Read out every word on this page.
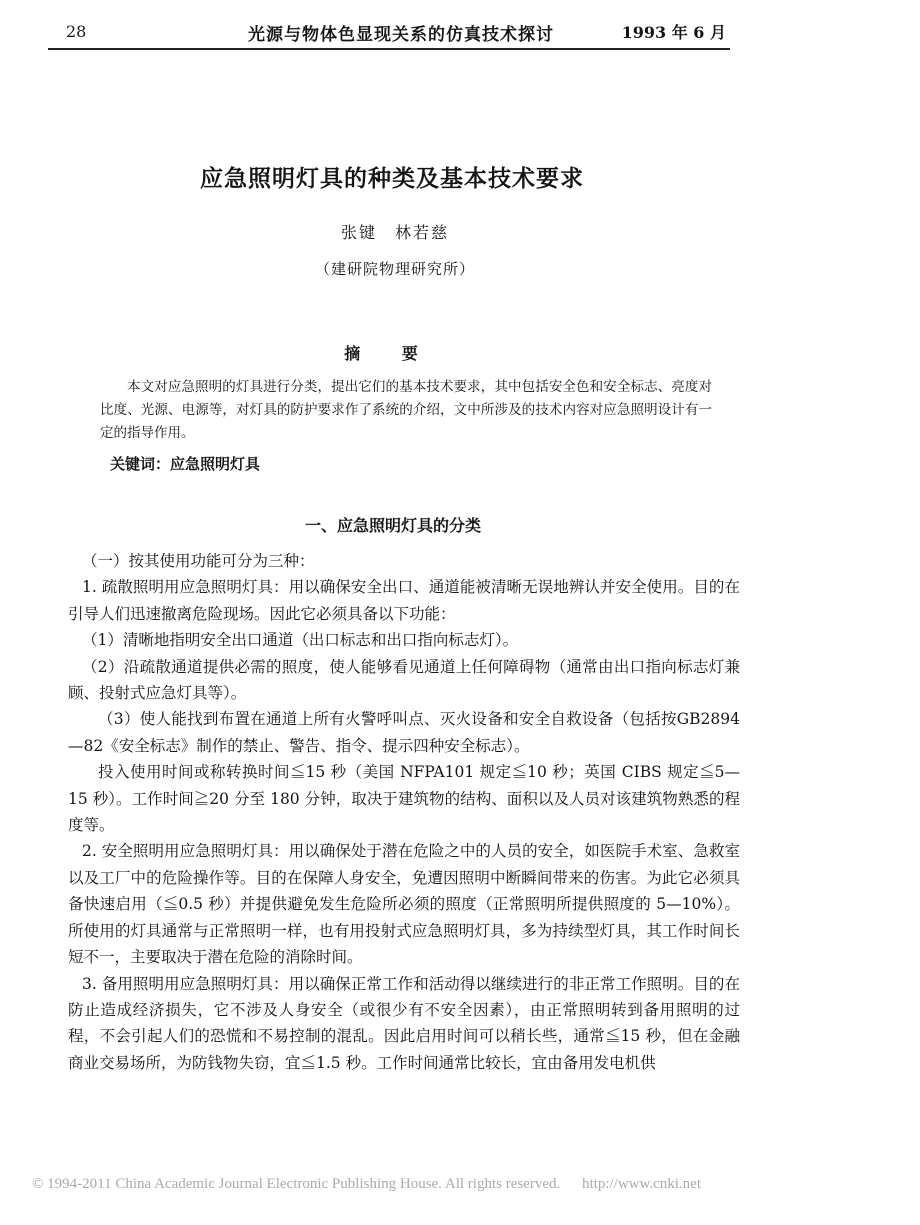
28	光源与物体色显现关系的仿真技术探讨	1993 年 6 月
应急照明灯具的种类及基本技术要求
张键　林若慈
（建研院物理研究所）
摘 要
本文对应急照明的灯具进行分类，提出它们的基本技术要求，其中包括安全色和安全标志、亮度对比度、光源、电源等，对灯具的防护要求作了系统的介绍，文中所涉及的技术内容对应急照明设计有一定的指导作用。
关键词：应急照明灯具
一、应急照明灯具的分类

（一）按其使用功能可分为三种：

1. 疏散照明用应急照明灯具：用以确保安全出口、通道能被清晰无误地辨认并安全使用。目的在引导人们迅速撤离危险现场。因此它必须具备以下功能：

（1）清晰地指明安全出口通道（出口标志和出口指向标志灯）。

（2）沿疏散通道提供必需的照度，使人能够看见通道上任何障碍物（通常由出口指向标志灯兼顾、投射式应急灯具等）。

（3）使人能找到布置在通道上所有火警呼叫点、灭火设备和安全自救设备（包括按GB2894—82《安全标志》制作的禁止、警告、指令、提示四种安全标志）。

投入使用时间或称转换时间≦15 秒（美国 NFPA101 规定≦10 秒；英国 CIBS 规定≦5—15 秒）。工作时间≧20 分至 180 分钟，取决于建筑物的结构、面积以及人员对该建筑物熟悉的程度等。

2. 安全照明用应急照明灯具：用以确保处于潜在危险之中的人员的安全，如医院手术室、急救室以及工厂中的危险操作等。目的在保障人身安全，免遭因照明中断瞬间带来的伤害。为此它必须具备快速启用（≦0.5 秒）并提供避免发生危险所必须的照度（正常照明所提供照度的 5—10%）。所使用的灯具通常与正常照明一样，也有用投射式应急照明灯具，多为持续型灯具，其工作时间长短不一，主要取决于潜在危险的消除时间。

3. 备用照明用应急照明灯具：用以确保正常工作和活动得以继续进行的非正常工作照明。目的在防止造成经济损失，它不涉及人身安全（或很少有不安全因素），由正常照明转到备用照明的过程，不会引起人们的恐慌和不易控制的混乱。因此启用时间可以稍长些，通常≦15 秒，但在金融商业交易场所，为防钱物失窃，宜≦1.5 秒。工作时间通常比较长，宜由备用发电机供

© 1994-2011 China Academic Journal Electronic Publishing House. All rights reserved. http://www.cnki.net
